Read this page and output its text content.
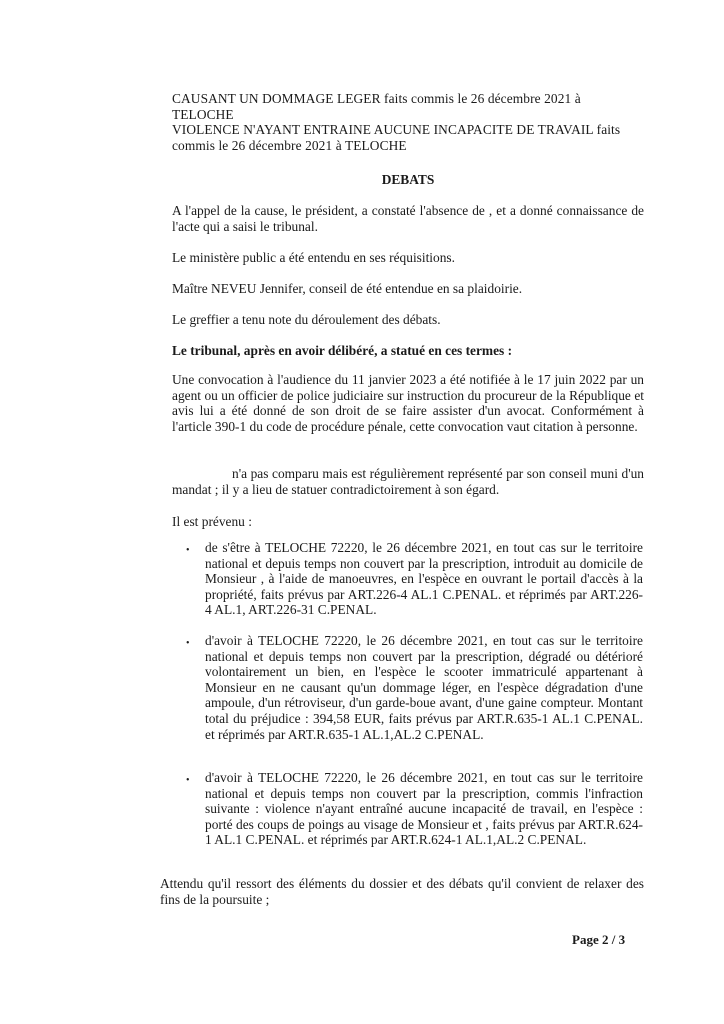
CAUSANT UN DOMMAGE LEGER faits commis le 26 décembre 2021 à TELOCHE

VIOLENCE N'AYANT ENTRAINE AUCUNE INCAPACITE DE TRAVAIL faits commis le 26 décembre 2021 à TELOCHE

DEBATS

A l'appel de la cause, le président, a constaté l'absence de , et a donné connaissance de l'acte qui a saisi le tribunal.

Le ministère public a été entendu en ses réquisitions.

Maître NEVEU Jennifer, conseil de été entendue en sa plaidoirie.

Le greffier a tenu note du déroulement des débats.

Le tribunal, après en avoir délibéré, a statué en ces termes :

Une convocation à l'audience du 11 janvier 2023 a été notifiée à le 17 juin 2022 par un agent ou un officier de police judiciaire sur instruction du procureur de la République et avis lui a été donné de son droit de se faire assister d'un avocat. Conformément à l'article 390-1 du code de procédure pénale, cette convocation vaut citation à personne.

n'a pas comparu mais est régulièrement représenté par son conseil muni d'un mandat ; il y a lieu de statuer contradictoirement à son égard.

Il est prévenu :

• de s'être à TELOCHE 72220, le 26 décembre 2021, en tout cas sur le territoire national et depuis temps non couvert par la prescription, introduit au domicile de Monsieur , à l'aide de manoeuvres, en l'espèce en ouvrant le portail d'accès à la propriété, faits prévus par ART.226-4 AL.1 C.PENAL. et réprimés par ART.226-4 AL.1, ART.226-31 C.PENAL.

• d'avoir à TELOCHE 72220, le 26 décembre 2021, en tout cas sur le territoire national et depuis temps non couvert par la prescription, dégradé ou détérioré volontairement un bien, en l'espèce le scooter immatriculé appartenant à Monsieur en ne causant qu'un dommage léger, en l'espèce dégradation d'une ampoule, d'un rétroviseur, d'un garde-boue avant, d'une gaine compteur. Montant total du préjudice : 394,58 EUR, faits prévus par ART.R.635-1 AL.1 C.PENAL. et réprimés par ART.R.635-1 AL.1,AL.2 C.PENAL.

• d'avoir à TELOCHE 72220, le 26 décembre 2021, en tout cas sur le territoire national et depuis temps non couvert par la prescription, commis l'infraction suivante : violence n'ayant entraîné aucune incapacité de travail, en l'espèce : porté des coups de poings au visage de Monsieur et , faits prévus par ART.R.624-1 AL.1 C.PENAL. et réprimés par ART.R.624-1 AL.1,AL.2 C.PENAL.

Attendu qu'il ressort des éléments du dossier et des débats qu'il convient de relaxer des fins de la poursuite ;

Page 2 / 3
